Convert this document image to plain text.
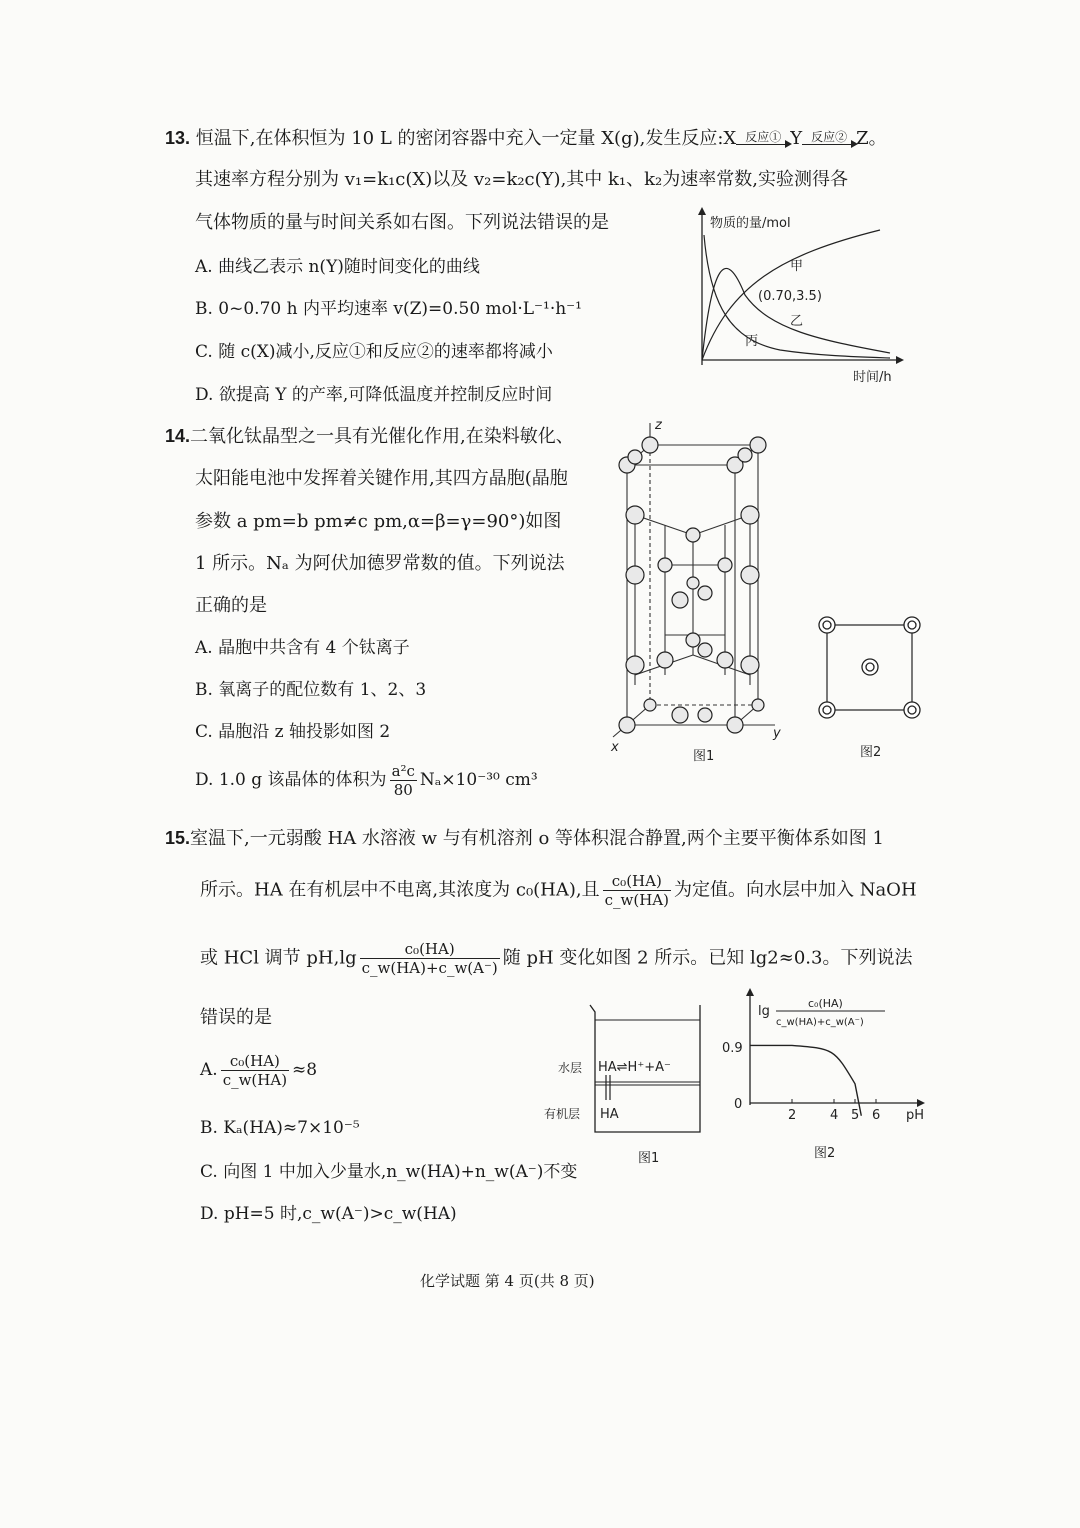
13. 恒温下,在体积恒为 10 L 的密闭容器中充入一定量 X(g),发生反应:X 反应① Y 反应② Z。
其速率方程分别为 v₁=k₁c(X)以及 v₂=k₂c(Y),其中 k₁、k₂为速率常数,实验测得各
气体物质的量与时间关系如右图。下列说法错误的是
A. 曲线乙表示 n(Y)随时间变化的曲线
B. 0~0.70 h 内平均速率 v(Z)=0.50 mol·L⁻¹·h⁻¹
C. 随 c(X)减小,反应①和反应②的速率都将减小
D. 欲提高 Y 的产率,可降低温度并控制反应时间
物质的量/mol
时间/h
甲
(0.70,3.5)
乙
丙
14.二氧化钛晶型之一具有光催化作用,在染料敏化、
太阳能电池中发挥着关键作用,其四方晶胞(晶胞
参数 a pm=b pm≠c pm,α=β=γ=90°)如图
1 所示。Nₐ 为阿伏加德罗常数的值。下列说法
正确的是
A. 晶胞中共含有 4 个钛离子
B. 氧离子的配位数有 1、2、3
C. 晶胞沿 z 轴投影如图 2
D. 1.0 g 该晶体的体积为 $\frac{\text{a²c}}{80} N_a\times 10^{-30}$ cm³
z
x
y
图1	图2
15.室温下,一元弱酸 HA 水溶液 w 与有机溶剂 o 等体积混合静置,两个主要平衡体系如图 1
所示。HA 在有机层中不电离,其浓度为 c₀(HA),且 $\frac{\text{c₀(HA)}}{c\_w(HA)}$ 为定值。向水层中加入 NaOH
或 HCl 调节 $pH,\lg \frac{\text{c₀(HA)}}{c\_w(HA)+c\_w(A^-)}$ 随 pH 变化如图 2 所示。已知 lg2≈0.3。下列说法
错误的是
A. $\frac{\text{c₀(HA)}}{c\_w(HA)} \approx 8$
B. Kₐ(HA)≈7×10⁻⁵
C. 向图 1 中加入少量水,n_w(HA)+n_w(A⁻)不变
D. pH=5 时,c_w(A⁻)>c_w(HA)
水层
有机层
HA⇌H⁺+A⁻
HA
图1
lg
c₀(HA)
c_w(HA)+c_w(A⁻)
0.9
0
2	4 5 6 pH
图2
化学试题 第 4 页(共 8 页)
